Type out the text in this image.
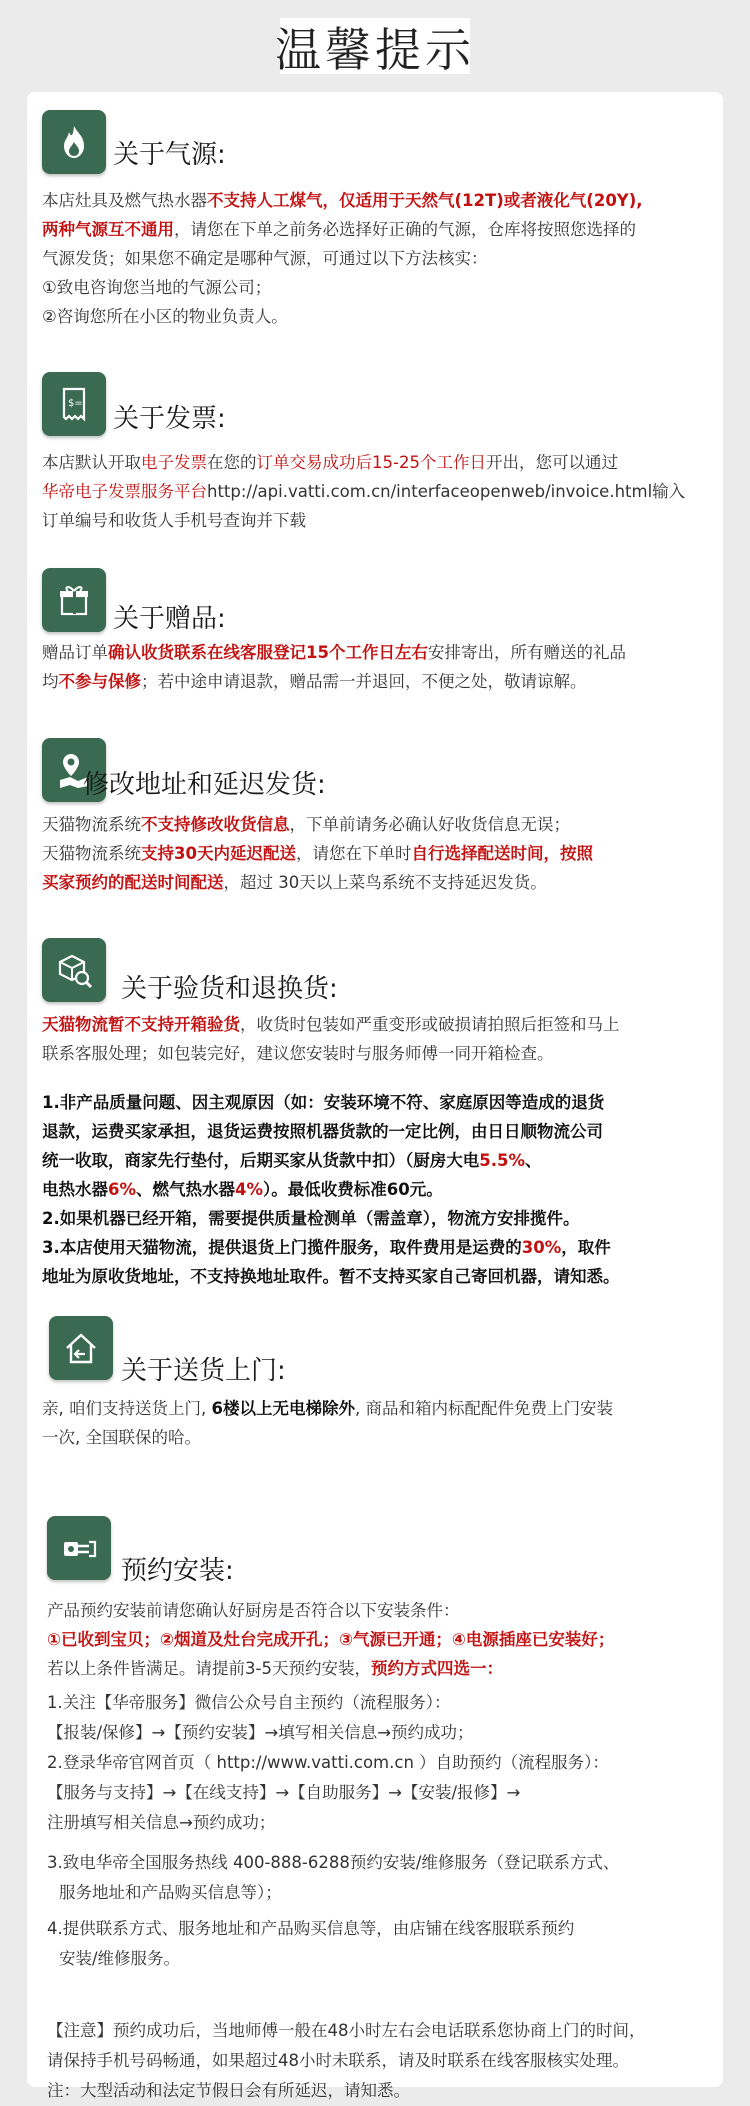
温馨提示
关于气源:

本店灶具及燃气热水器不支持人工煤气，仅适用于天然气(12T)或者液化气(20Y),

两种气源互不通用，请您在下单之前务必选择好正确的气源，仓库将按照您选择的

气源发货；如果您不确定是哪种气源，可通过以下方法核实：

①致电咨询您当地的气源公司；

②咨询您所在小区的物业负责人。

$=
关于发票:

本店默认开取电子发票在您的订单交易成功后15-25个工作日开出，您可以通过

华帝电子发票服务平台http://api.vatti.com.cn/interfaceopenweb/invoice.html输入

订单编号和收货人手机号查询并下载

关于赠品:

赠品订单确认收货联系在线客服登记15个工作日左右安排寄出，所有赠送的礼品

均不参与保修；若中途申请退款，赠品需一并退回，不便之处，敬请谅解。

修改地址和延迟发货:

天猫物流系统不支持修改收货信息，下单前请务必确认好收货信息无误；

天猫物流系统支持30天内延迟配送，请您在下单时自行选择配送时间，按照

买家预约的配送时间配送，超过 30天以上菜鸟系统不支持延迟发货。

关于验货和退换货:

天猫物流暂不支持开箱验货，收货时包装如严重变形或破损请拍照后拒签和马上

联系客服处理；如包装完好，建议您安装时与服务师傅一同开箱检查。

1.非产品质量问题、因主观原因（如：安装环境不符、家庭原因等造成的退货

退款，运费买家承担，退货运费按照机器货款的一定比例，由日日顺物流公司

统一收取，商家先行垫付，后期买家从货款中扣）（厨房大电5.5%、

电热水器6%、燃气热水器4%）。最低收费标准60元。

2.如果机器已经开箱，需要提供质量检测单（需盖章），物流方安排揽件。

3.本店使用天猫物流，提供退货上门揽件服务，取件费用是运费的30%，取件

地址为原收货地址，不支持换地址取件。暂不支持买家自己寄回机器，请知悉。

关于送货上门:

亲, 咱们支持送货上门, 6楼以上无电梯除外, 商品和箱内标配配件免费上门安装

一次, 全国联保的哈。

预约安装:

产品预约安装前请您确认好厨房是否符合以下安装条件：

①已收到宝贝；②烟道及灶台完成开孔；③气源已开通；④电源插座已安装好；

若以上条件皆满足。请提前3-5天预约安装，预约方式四选一：

1.关注【华帝服务】微信公众号自主预约（流程服务）：

【报装/保修】→【预约安装】→填写相关信息→预约成功；

2.登录华帝官网首页（ http://www.vatti.com.cn ）自助预约（流程服务）：

【服务与支持】→【在线支持】→【自助服务】→【安装/报修】→

注册填写相关信息→预约成功；

3.致电华帝全国服务热线 400-888-6288预约安装/维修服务（登记联系方式、

服务地址和产品购买信息等）；

4.提供联系方式、服务地址和产品购买信息等，由店铺在线客服联系预约

安装/维修服务。

【注意】预约成功后，当地师傅一般在48小时左右会电话联系您协商上门的时间，

请保持手机号码畅通，如果超过48小时未联系，请及时联系在线客服核实处理。

注：大型活动和法定节假日会有所延迟，请知悉。
